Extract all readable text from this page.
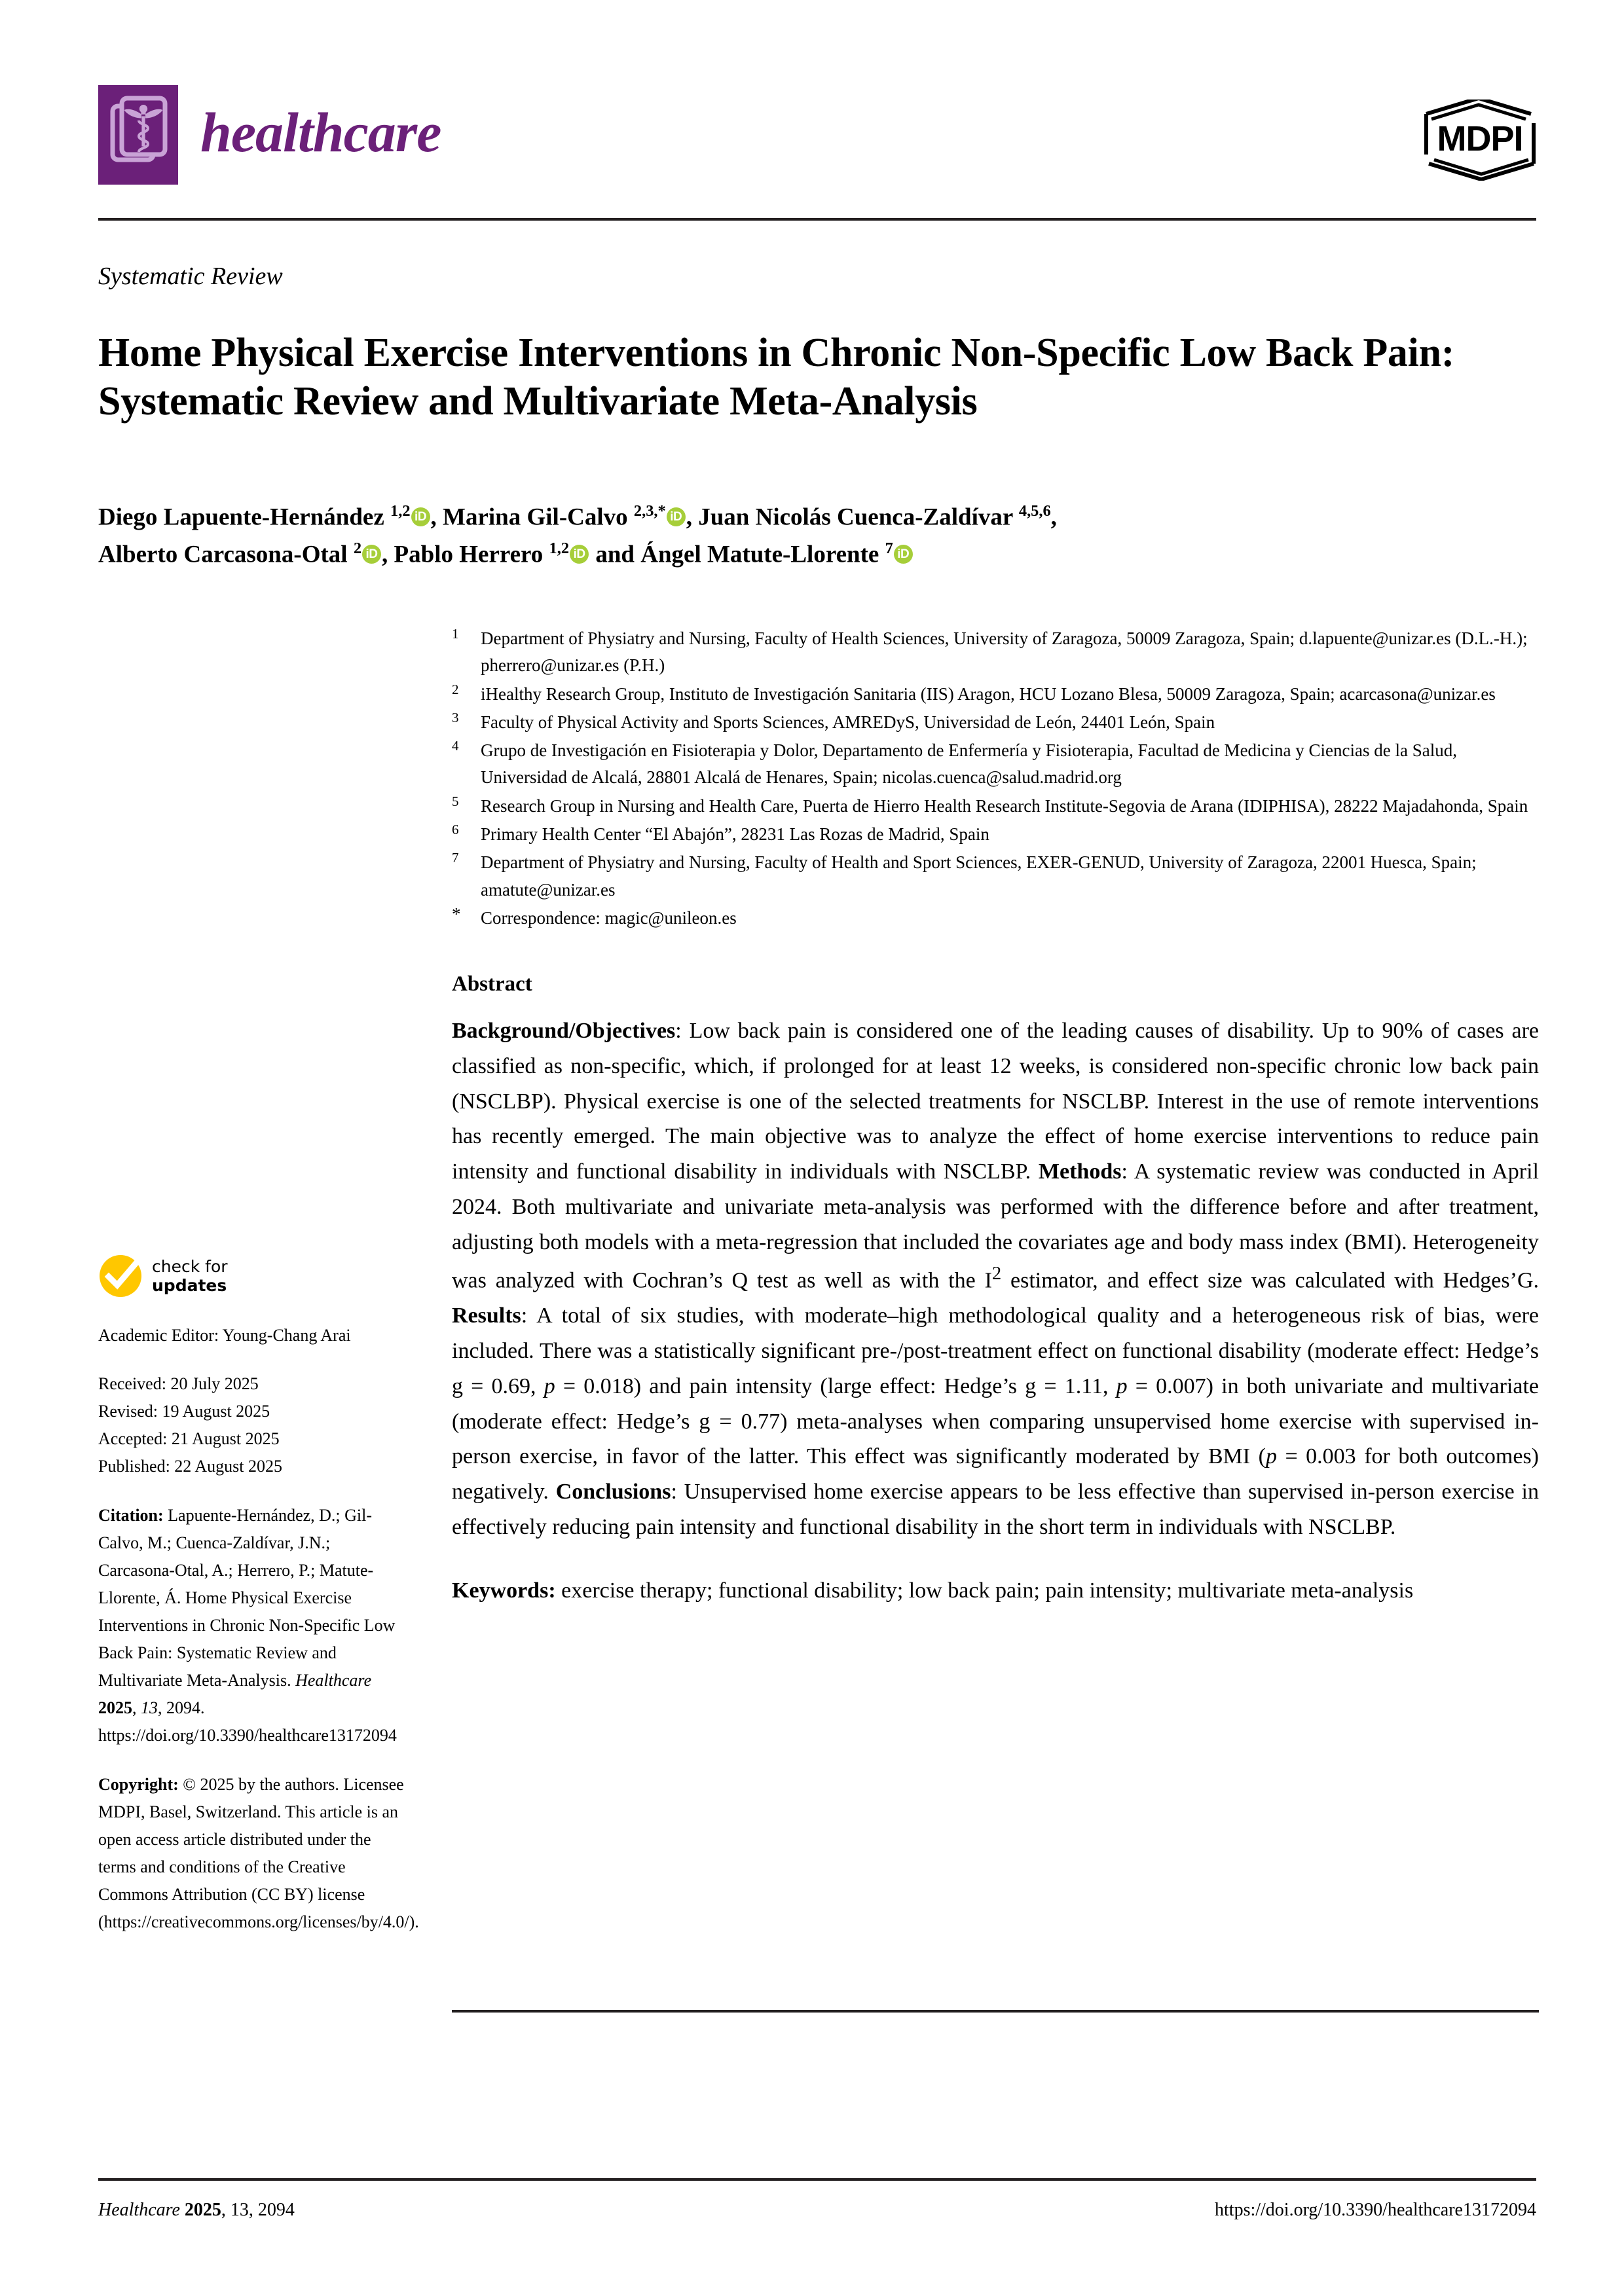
healthcare	MDPI
Systematic Review
Home Physical Exercise Interventions in Chronic Non-Specific Low Back Pain: Systematic Review and Multivariate Meta-Analysis
Diego Lapuente-Hernández $^{1,2}$ iD , Marina Gil-Calvo $^{2,3,*}$ iD , Juan Nicolás Cuenca-Zaldívar $^{4,5,6}$,
Alberto Carcasona-Otal $^2$ iD , Pablo Herrero $^{1,2}$ iD and Ángel Matute-Llorente $^7$ iD
check for
updates
Academic Editor: Young-Chang Arai
Received: 20 July 2025
Revised: 19 August 2025
Accepted: 21 August 2025
Published: 22 August 2025
Citation: Lapuente-Hernández, D.; Gil-Calvo, M.; Cuenca-Zaldívar, J.N.; Carcasona-Otal, A.; Herrero, P.; Matute-Llorente, Á. Home Physical Exercise Interventions in Chronic Non-Specific Low Back Pain: Systematic Review and Multivariate Meta-Analysis. Healthcare 2025, 13, 2094. https://doi.org/10.3390/healthcare13172094
Copyright: © 2025 by the authors. Licensee MDPI, Basel, Switzerland. This article is an open access article distributed under the terms and conditions of the Creative Commons Attribution (CC BY) license (https://creativecommons.org/licenses/by/4.0/).
1	Department of Physiatry and Nursing, Faculty of Health Sciences, University of Zaragoza, 50009 Zaragoza, Spain; d.lapuente@unizar.es (D.L.-H.); pherrero@unizar.es (P.H.)
2	iHealthy Research Group, Instituto de Investigación Sanitaria (IIS) Aragon, HCU Lozano Blesa, 50009 Zaragoza, Spain; acarcasona@unizar.es
3	Faculty of Physical Activity and Sports Sciences, AMREDyS, Universidad de León, 24401 León, Spain
4	Grupo de Investigación en Fisioterapia y Dolor, Departamento de Enfermería y Fisioterapia, Facultad de Medicina y Ciencias de la Salud, Universidad de Alcalá, 28801 Alcalá de Henares, Spain; nicolas.cuenca@salud.madrid.org
5	Research Group in Nursing and Health Care, Puerta de Hierro Health Research Institute-Segovia de Arana (IDIPHISA), 28222 Majadahonda, Spain
6	Primary Health Center “El Abajón”, 28231 Las Rozas de Madrid, Spain
7	Department of Physiatry and Nursing, Faculty of Health and Sport Sciences, EXER-GENUD, University of Zaragoza, 22001 Huesca, Spain; amatute@unizar.es
*	Correspondence: magic@unileon.es
Abstract
Background/Objectives: Low back pain is considered one of the leading causes of disability. Up to 90% of cases are classified as non-specific, which, if prolonged for at least 12 weeks, is considered non-specific chronic low back pain (NSCLBP). Physical exercise is one of the selected treatments for NSCLBP. Interest in the use of remote interventions has recently emerged. The main objective was to analyze the effect of home exercise interventions to reduce pain intensity and functional disability in individuals with NSCLBP. Methods: A systematic review was conducted in April 2024. Both multivariate and univariate meta-analysis was performed with the difference before and after treatment, adjusting both models with a meta-regression that included the covariates age and body mass index (BMI). Heterogeneity was analyzed with Cochran’s Q test as well as with the $I^2$ estimator, and effect size was calculated with Hedges’G. Results: A total of six studies, with moderate–high methodological quality and a heterogeneous risk of bias, were included. There was a statistically significant pre-/post-treatment effect on functional disability (moderate effect: Hedge’s g = 0.69, p = 0.018) and pain intensity (large effect: Hedge’s g = 1.11, p = 0.007) in both univariate and multivariate (moderate effect: Hedge’s g = 0.77) meta-analyses when comparing unsupervised home exercise with supervised in-person exercise, in favor of the latter. This effect was significantly moderated by BMI (p = 0.003 for both outcomes) negatively. Conclusions: Unsupervised home exercise appears to be less effective than supervised in-person exercise in effectively reducing pain intensity and functional disability in the short term in individuals with NSCLBP.
Keywords: exercise therapy; functional disability; low back pain; pain intensity; multivariate meta-analysis
Healthcare 2025, 13, 2094	https://doi.org/10.3390/healthcare13172094
